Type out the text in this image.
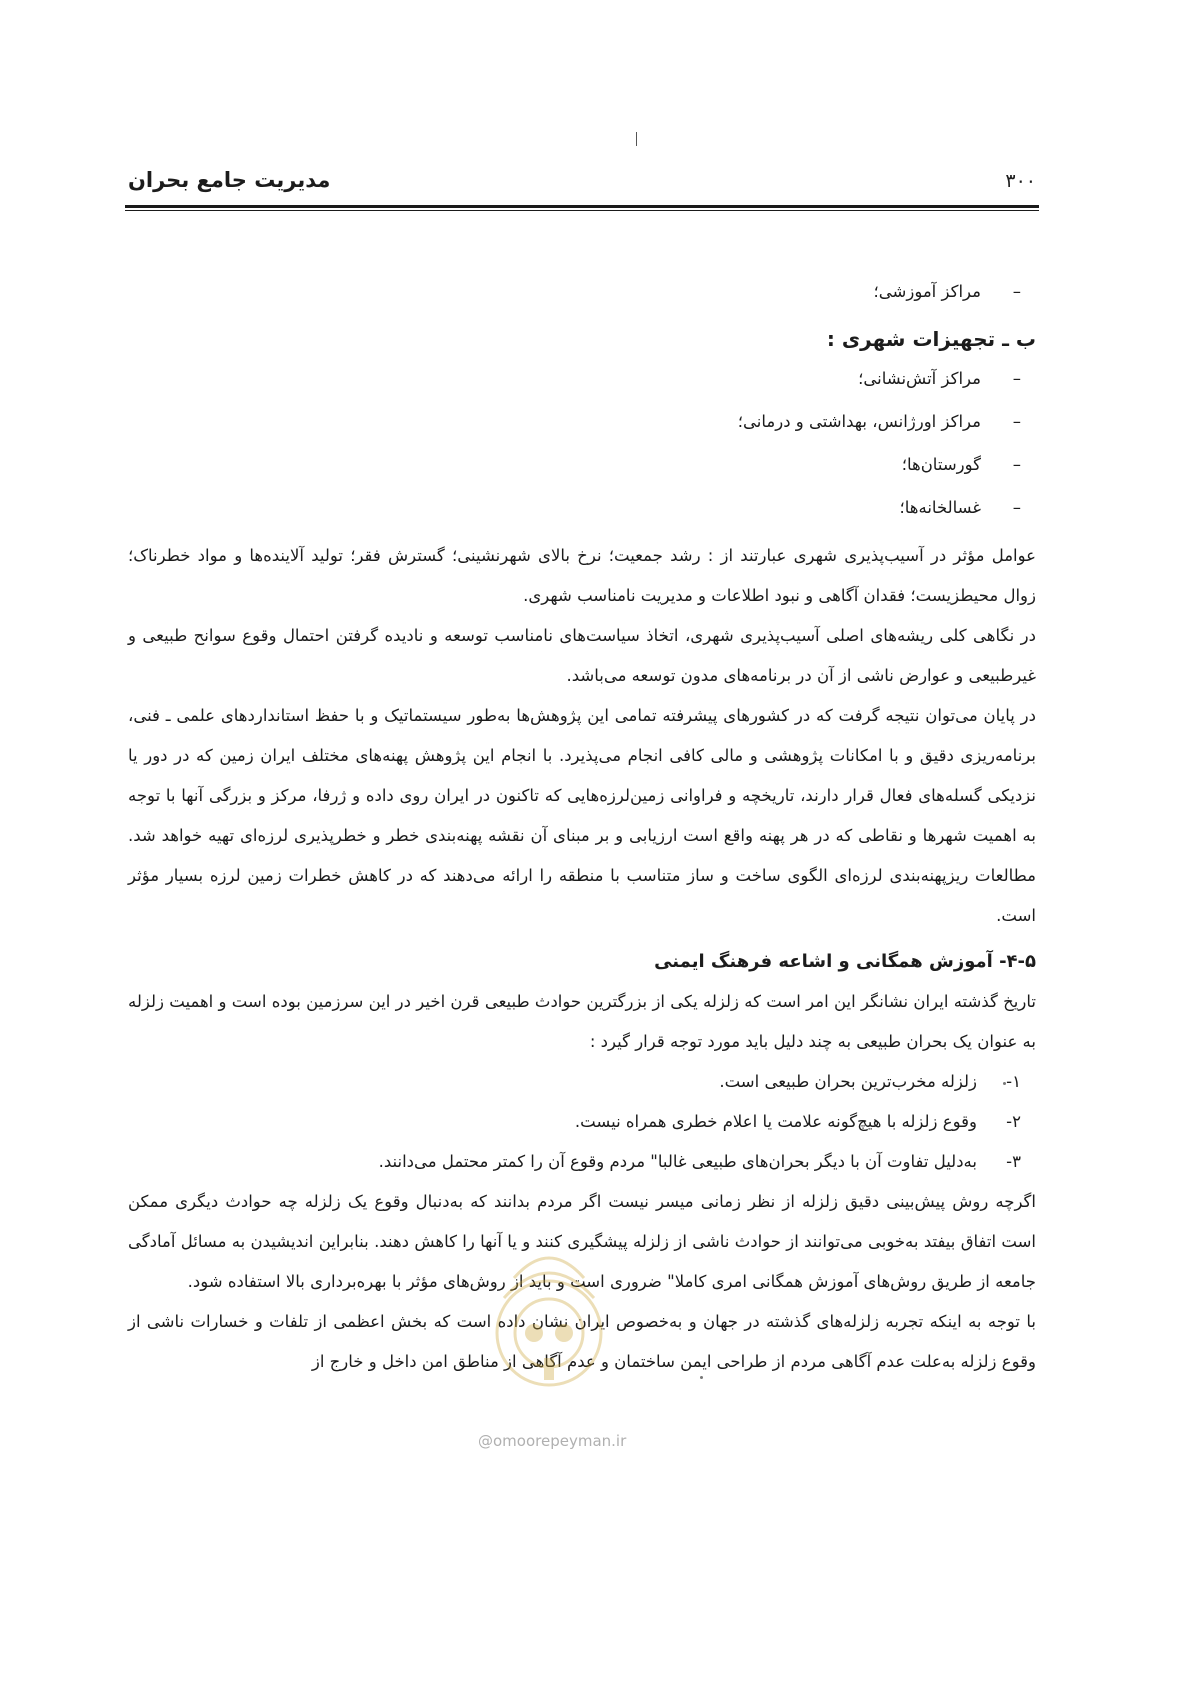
۳۰۰
مدیریت جامع بحران
–مراکز آموزشی؛
ب ـ تجهیزات شهری :
–مراکز آتش‌نشانی؛
–مراکز اورژانس، بهداشتی و درمانی؛
–گورستان‌ها؛
–غسالخانه‌ها؛

عوامل مؤثر در آسیب‌پذیری شهری عبارتند از : رشد جمعیت؛ نرخ بالای شهرنشینی؛ گسترش فقر؛ تولید آلاینده‌ها و مواد خطرناک؛ زوال محیطزیست؛ فقدان آگاهی و نبود اطلاعات و مدیریت نامناسب شهری.

در نگاهی کلی ریشه‌های اصلی آسیب‌پذیری شهری، اتخاذ سیاست‌های نامناسب توسعه و نادیده گرفتن احتمال وقوع سوانح طبیعی و غیرطبیعی و عوارض ناشی از آن در برنامه‌های مدون توسعه می‌باشد.

در پایان می‌توان نتیجه گرفت که در کشورهای پیشرفته تمامی این پژوهش‌ها به‌طور سیستماتیک و با حفظ استانداردهای علمی ـ فنی، برنامه‌ریزی دقیق و با امکانات پژوهشی و مالی کافی انجام می‌پذیرد. با انجام این پژوهش پهنه‌های مختلف ایران زمین که در دور یا نزدیکی گسله‌های فعال قرار دارند، تاریخچه و فراوانی زمین‌لرزه‌هایی که تاکنون در ایران روی داده و ژرفا، مرکز و بزرگی آنها با توجه به اهمیت شهرها و نقاطی که در هر پهنه واقع است ارزیابی و بر مبنای آن نقشه پهنه‌بندی خطر و خطرپذیری لرزه‌ای تهیه خواهد شد. مطالعات ریزپهنه‌بندی لرزه‌ای الگوی ساخت و ساز متناسب با منطقه را ارائه می‌دهند که در کاهش خطرات زمین لرزه بسیار مؤثر است.

۴-۵- آموزش همگانی و اشاعه فرهنگ ایمنی

تاریخ گذشته ایران نشانگر این امر است که زلزله یکی از بزرگترین حوادث طبیعی قرن اخیر در این سرزمین بوده است و اهمیت زلزله به عنوان یک بحران طبیعی به چند دلیل باید مورد توجه قرار گیرد :

۱-زلزله مخرب‌ترین بحران طبیعی است.
۲-وقوع زلزله با هیچ‌گونه علامت یا اعلام خطری همراه نیست.
۳-به‌دلیل تفاوت آن با دیگر بحران‌های طبیعی غالبا" مردم وقوع آن را کمتر محتمل می‌دانند.

اگرچه روش پیش‌بینی دقیق زلزله از نظر زمانی میسر نیست اگر مردم بدانند که به‌دنبال وقوع یک زلزله چه حوادث دیگری ممکن است اتفاق بیفتد به‌خوبی می‌توانند از حوادث ناشی از زلزله پیشگیری کنند و یا آنها را کاهش دهند. بنابراین اندیشیدن به مسائل آمادگی جامعه از طریق روش‌های آموزش همگانی امری کاملا" ضروری است و باید از روش‌های مؤثر با بهره‌برداری بالا استفاده شود.

با توجه به اینکه تجربه زلزله‌های گذشته در جهان و به‌خصوص ایران نشان داده است که بخش اعظمی از تلفات و خسارات ناشی از وقوع زلزله به‌علت عدم آگاهی مردم از طراحی ایمن ساختمان و عدم آگاهی از مناطق امن داخل و خارج از

@omoorepeyman.ir
